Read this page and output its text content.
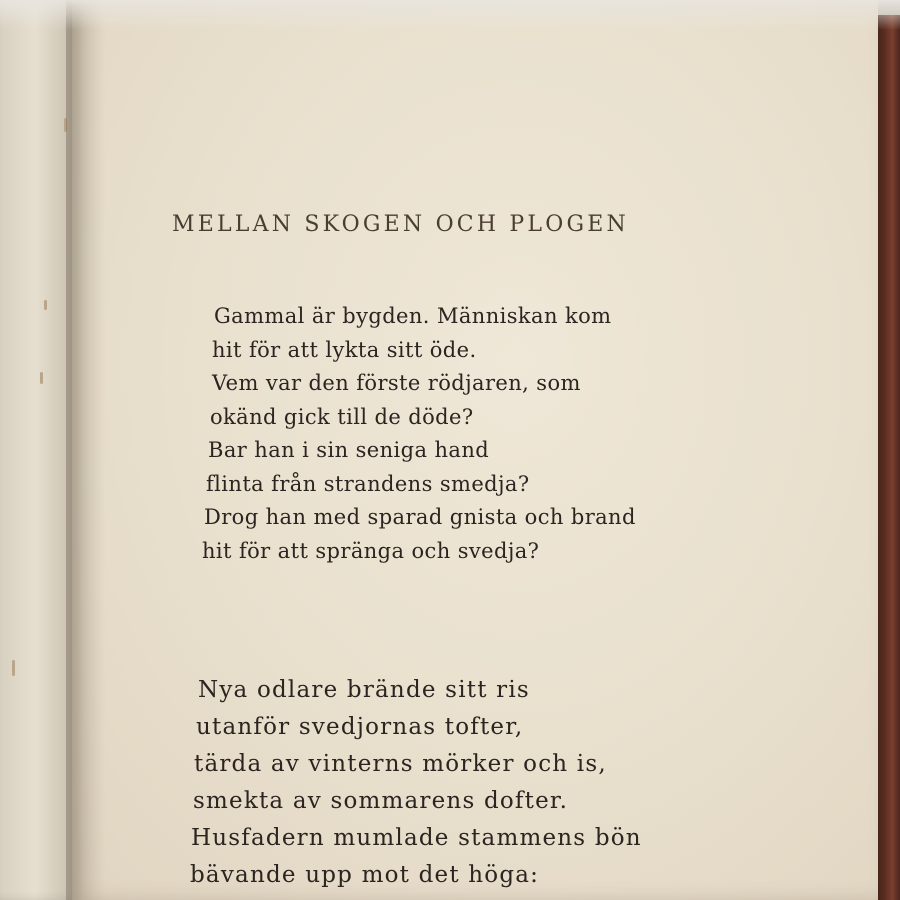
MELLAN SKOGEN OCH PLOGEN
Gammal är bygden. Människan kom
hit för att lykta sitt öde.
Vem var den förste rödjaren, som
okänd gick till de döde?
Bar han i sin seniga hand
flinta från strandens smedja?
Drog han med sparad gnista och brand
hit för att spränga och svedja?
Nya odlare brände sitt ris
utanför svedjornas tofter,
tärda av vinterns mörker och is,
smekta av sommarens dofter.
Husfadern mumlade stammens bön
bävande upp mot det höga:
